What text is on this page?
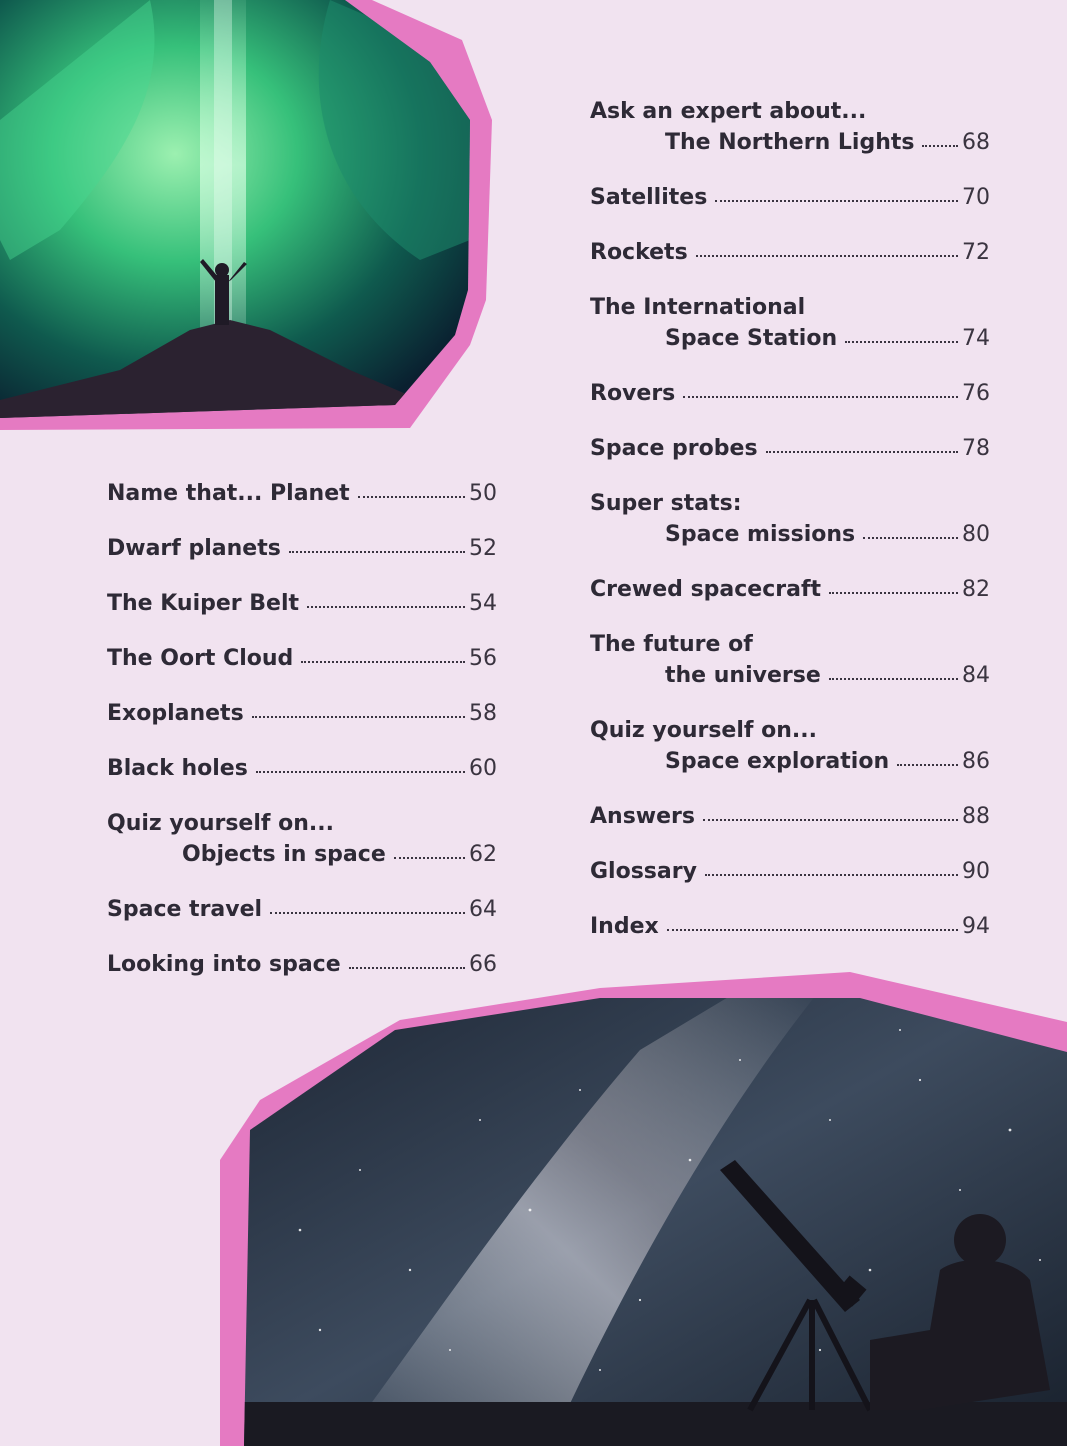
Name that... Planet	50
Dwarf planets	52
The Kuiper Belt	54
The Oort Cloud	56
Exoplanets	58
Black holes	60
Quiz yourself on...
Objects in space	62
Space travel	64
Looking into space	66
Ask an expert about...
The Northern Lights 68
Satellites	70
Rockets	72
The International
Space Station	74
Rovers	76
Space probes	78
Super stats:
Space missions	80
Crewed spacecraft	82
The future of
the universe	84
Quiz yourself on...
Space exploration	86
Answers	88
Glossary	90
Index	94
